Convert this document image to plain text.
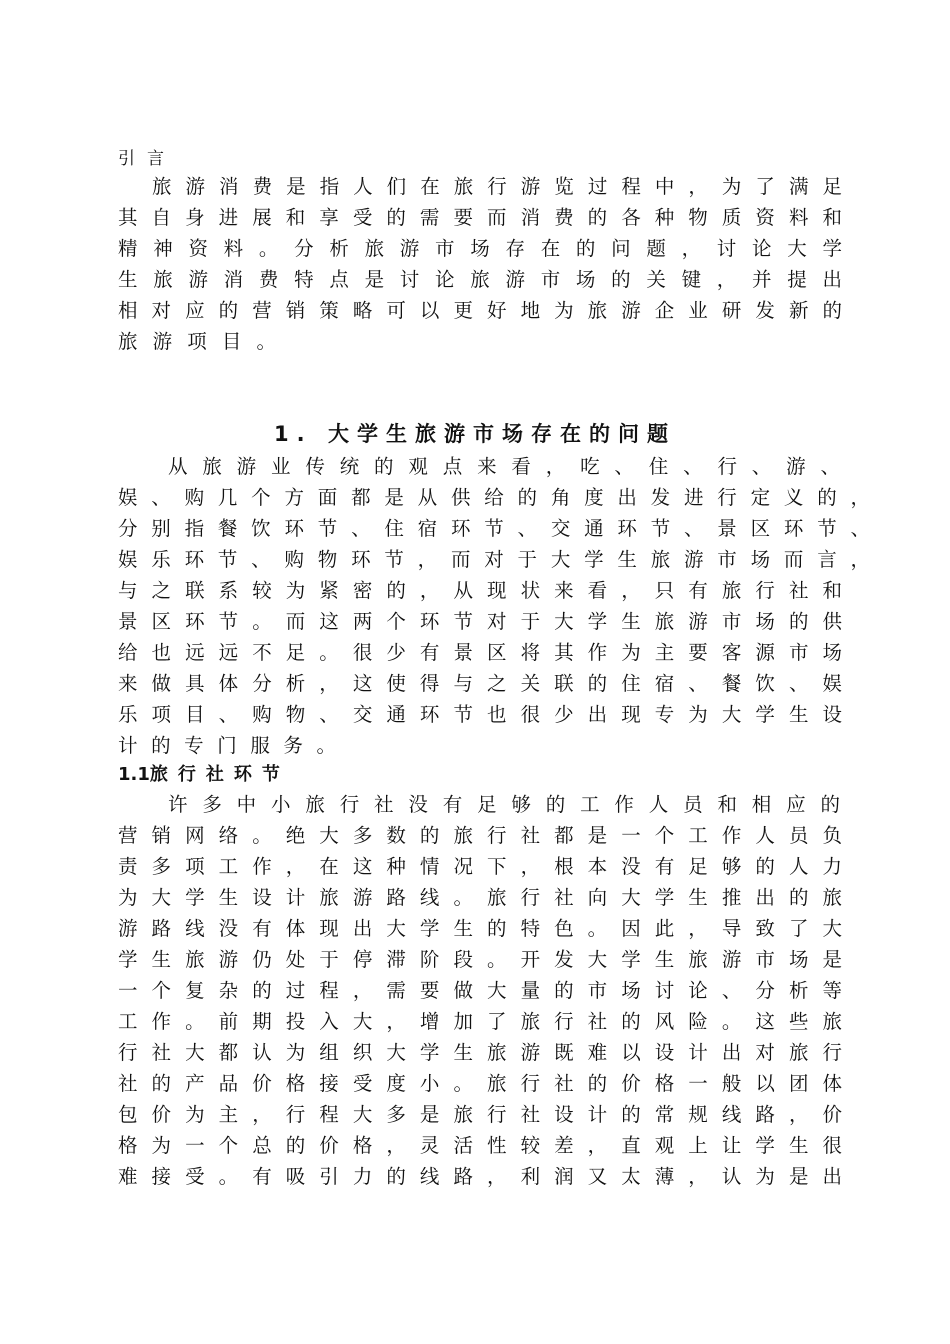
引言
旅游消费是指人们在旅行游览过程中，为了满足
其自身进展和享受的需要而消费的各种物质资料和
精神资料。分析旅游市场存在的问题，讨论大学
生旅游消费特点是讨论旅游市场的关键，并提出
相对应的营销策略可以更好地为旅游企业研发新的
旅游项目。
1. 大学生旅游市场存在的问题
从旅游业传统的观点来看，吃、住、行、游、
娱、购几个方面都是从供给的角度出发进行定义的，
分别指餐饮环节、住宿环节、交通环节、景区环节、
娱乐环节、购物环节，而对于大学生旅游市场而言，
与之联系较为紧密的，从现状来看，只有旅行社和
景区环节。而这两个环节对于大学生旅游市场的供
给也远远不足。很少有景区将其作为主要客源市场
来做具体分析，这使得与之关联的住宿、餐饮、娱
乐项目、购物、交通环节也很少出现专为大学生设
计的专门服务。
1.1旅行社环节
许多中小旅行社没有足够的工作人员和相应的
营销网络。绝大多数的旅行社都是一个工作人员负
责多项工作，在这种情况下，根本没有足够的人力
为大学生设计旅游路线。旅行社向大学生推出的旅
游路线没有体现出大学生的特色。因此，导致了大
学生旅游仍处于停滞阶段。开发大学生旅游市场是
一个复杂的过程，需要做大量的市场讨论、分析等
工作。前期投入大，增加了旅行社的风险。这些旅
行社大都认为组织大学生旅游既难以设计出对旅行
社的产品价格接受度小。旅行社的价格一般以团体
包价为主，行程大多是旅行社设计的常规线路，价
格为一个总的价格，灵活性较差，直观上让学生很
难接受。有吸引力的线路，利润又太薄，认为是出
